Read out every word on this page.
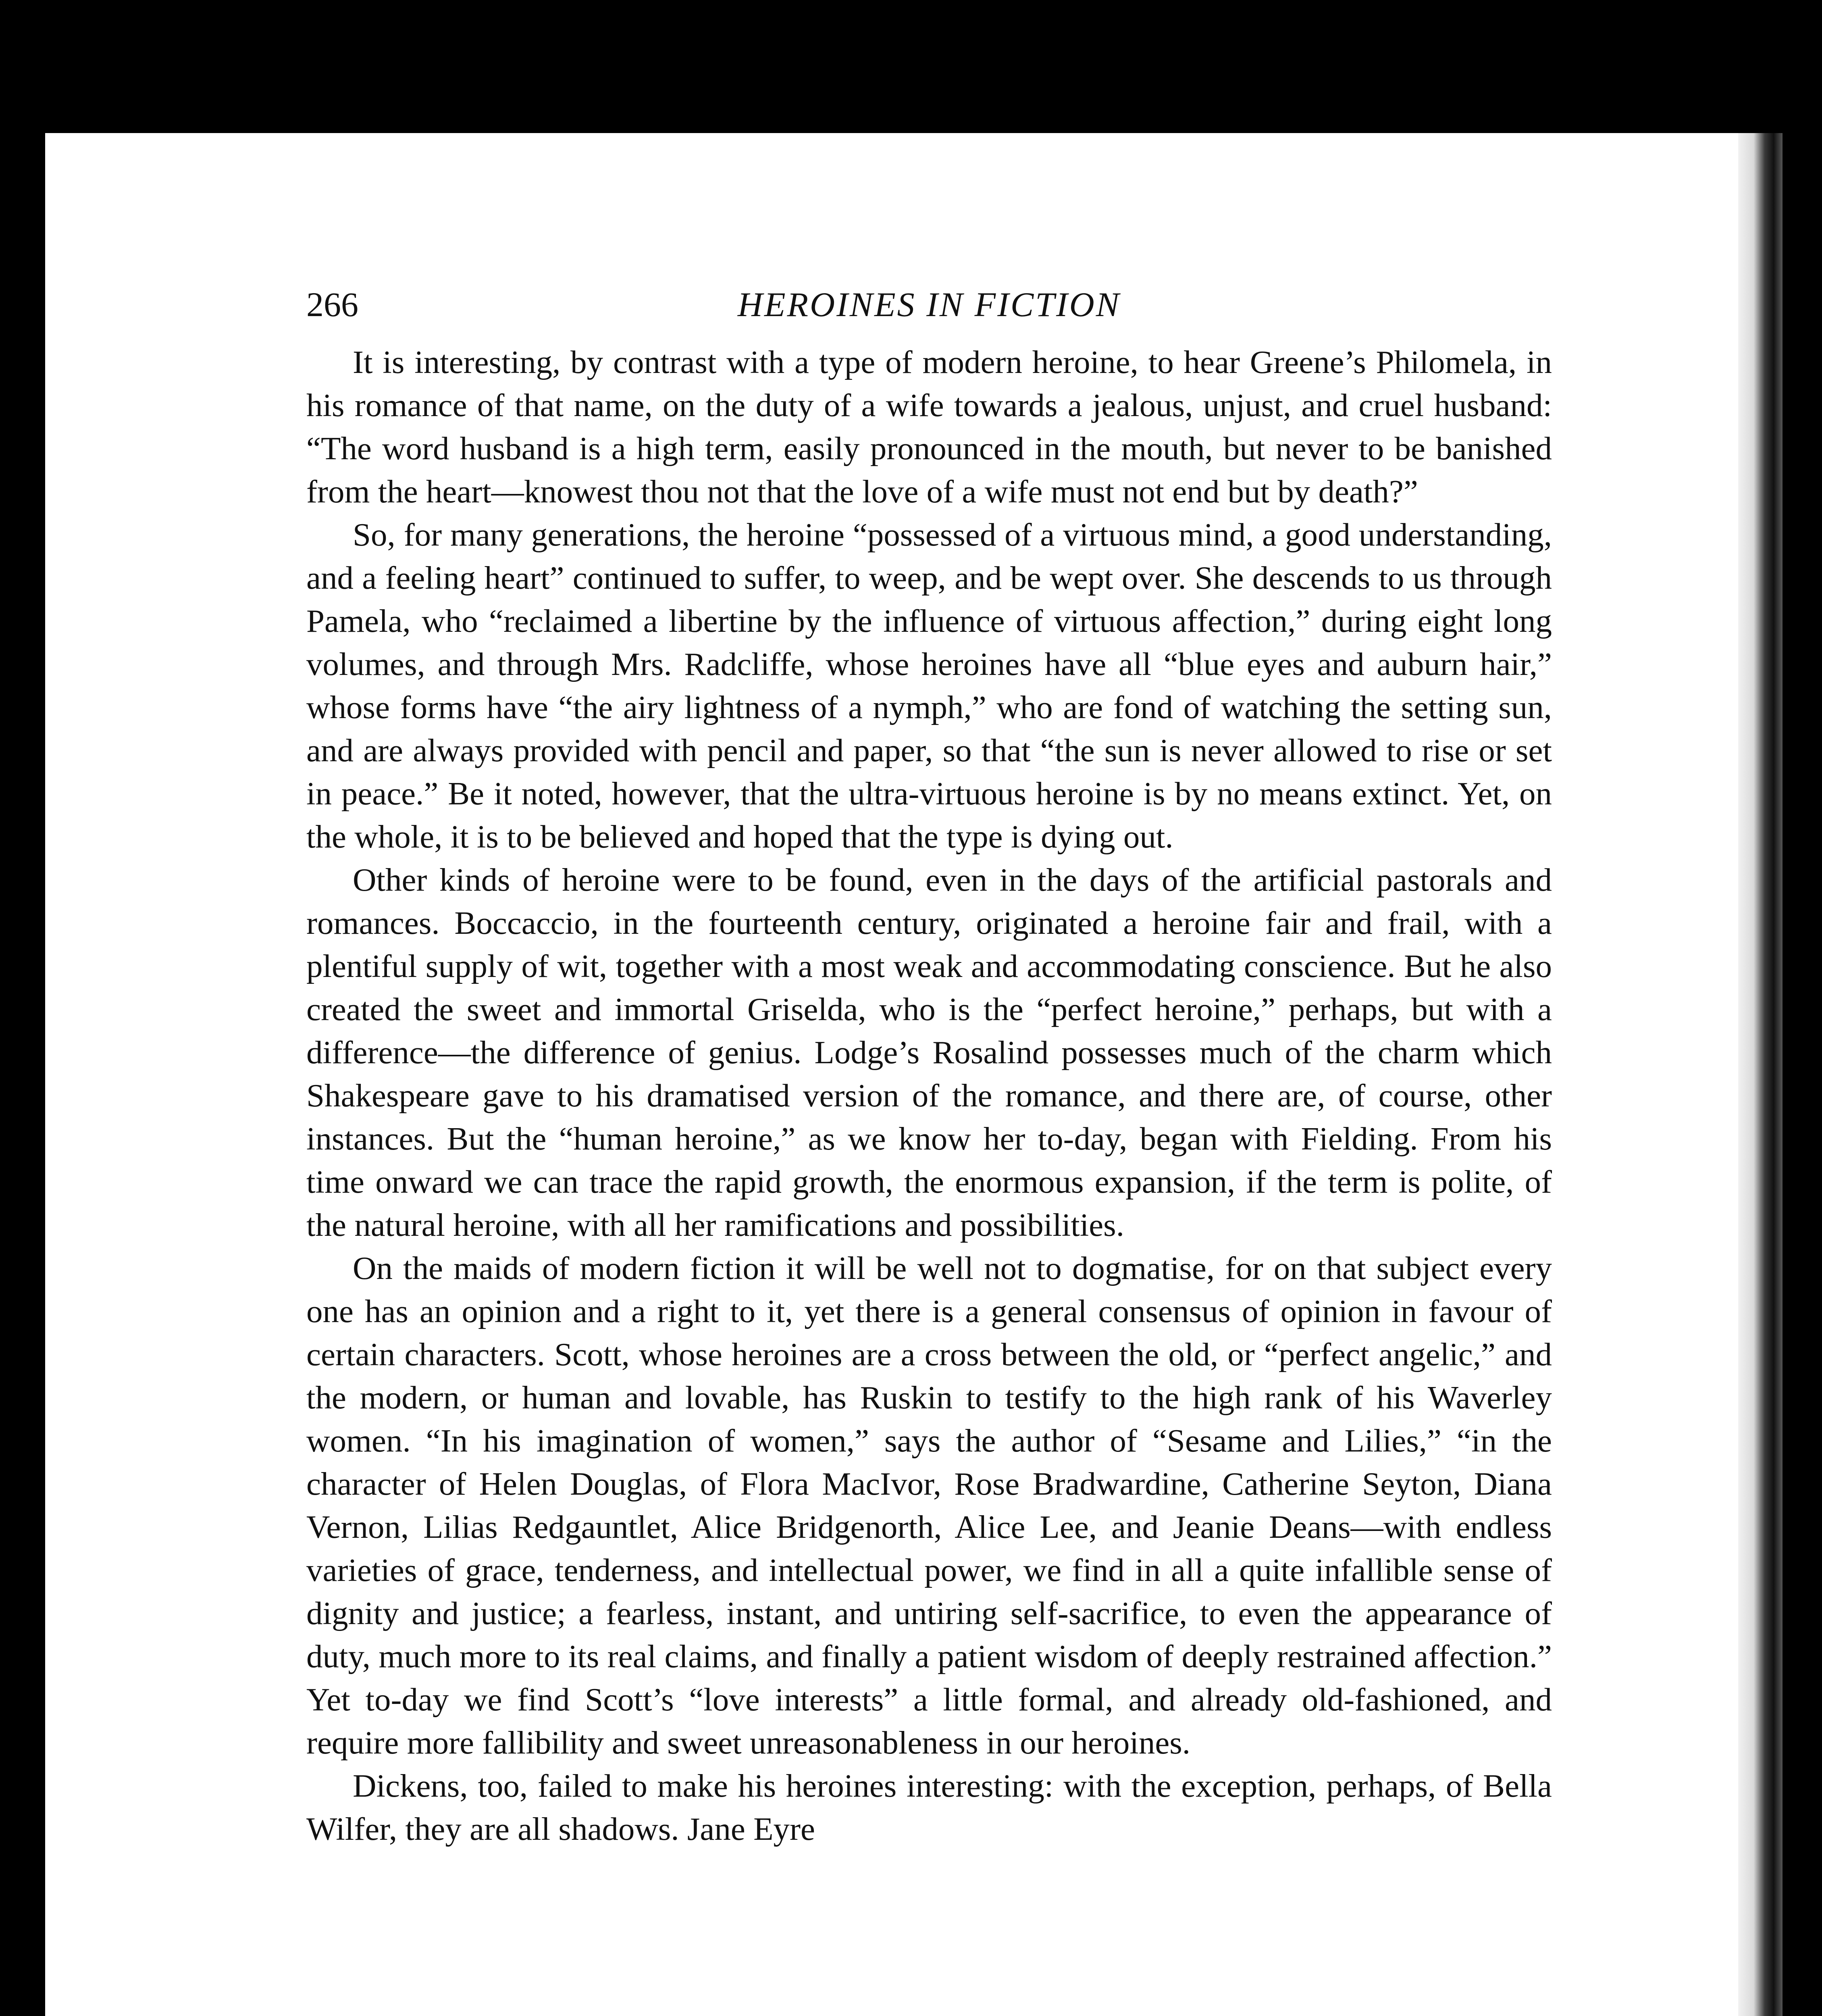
266	HEROINES IN FICTION

It is interesting, by contrast with a type of modern heroine, to hear Greene’s Philomela, in his romance of that name, on the duty of a wife towards a jealous, unjust, and cruel husband: “The word husband is a high term, easily pronounced in the mouth, but never to be banished from the heart—knowest thou not that the love of a wife must not end but by death?”

So, for many generations, the heroine “possessed of a virtuous mind, a good understanding, and a feeling heart” continued to suffer, to weep, and be wept over. She descends to us through Pamela, who “reclaimed a libertine by the influence of virtuous affection,” during eight long volumes, and through Mrs. Radcliffe, whose heroines have all “blue eyes and auburn hair,” whose forms have “the airy lightness of a nymph,” who are fond of watching the setting sun, and are always provided with pencil and paper, so that “the sun is never allowed to rise or set in peace.” Be it noted, however, that the ultra-virtuous heroine is by no means extinct. Yet, on the whole, it is to be believed and hoped that the type is dying out.

Other kinds of heroine were to be found, even in the days of the artificial pastorals and romances. Boccaccio, in the fourteenth century, originated a heroine fair and frail, with a plentiful supply of wit, together with a most weak and accommodating conscience. But he also created the sweet and immortal Griselda, who is the “perfect heroine,” perhaps, but with a difference—the difference of genius. Lodge’s Rosalind possesses much of the charm which Shakespeare gave to his dramatised version of the romance, and there are, of course, other instances. But the “human heroine,” as we know her to-day, began with Fielding. From his time onward we can trace the rapid growth, the enormous expansion, if the term is polite, of the natural heroine, with all her ramifications and possibilities.

On the maids of modern fiction it will be well not to dogmatise, for on that subject every one has an opinion and a right to it, yet there is a general consensus of opinion in favour of certain characters. Scott, whose heroines are a cross between the old, or “perfect angelic,” and the modern, or human and lovable, has Ruskin to testify to the high rank of his Waverley women. “In his imagination of women,” says the author of “Sesame and Lilies,” “in the character of Helen Douglas, of Flora MacIvor, Rose Bradwardine, Catherine Seyton, Diana Vernon, Lilias Redgauntlet, Alice Bridgenorth, Alice Lee, and Jeanie Deans—with endless varieties of grace, tenderness, and intellectual power, we find in all a quite infallible sense of dignity and justice; a fearless, instant, and untiring self-sacrifice, to even the appearance of duty, much more to its real claims, and finally a patient wisdom of deeply restrained affection.” Yet to-day we find Scott’s “love interests” a little formal, and already old-fashioned, and require more fallibility and sweet unreasonableness in our heroines.

Dickens, too, failed to make his heroines interesting: with the exception, perhaps, of Bella Wilfer, they are all shadows. Jane Eyre
